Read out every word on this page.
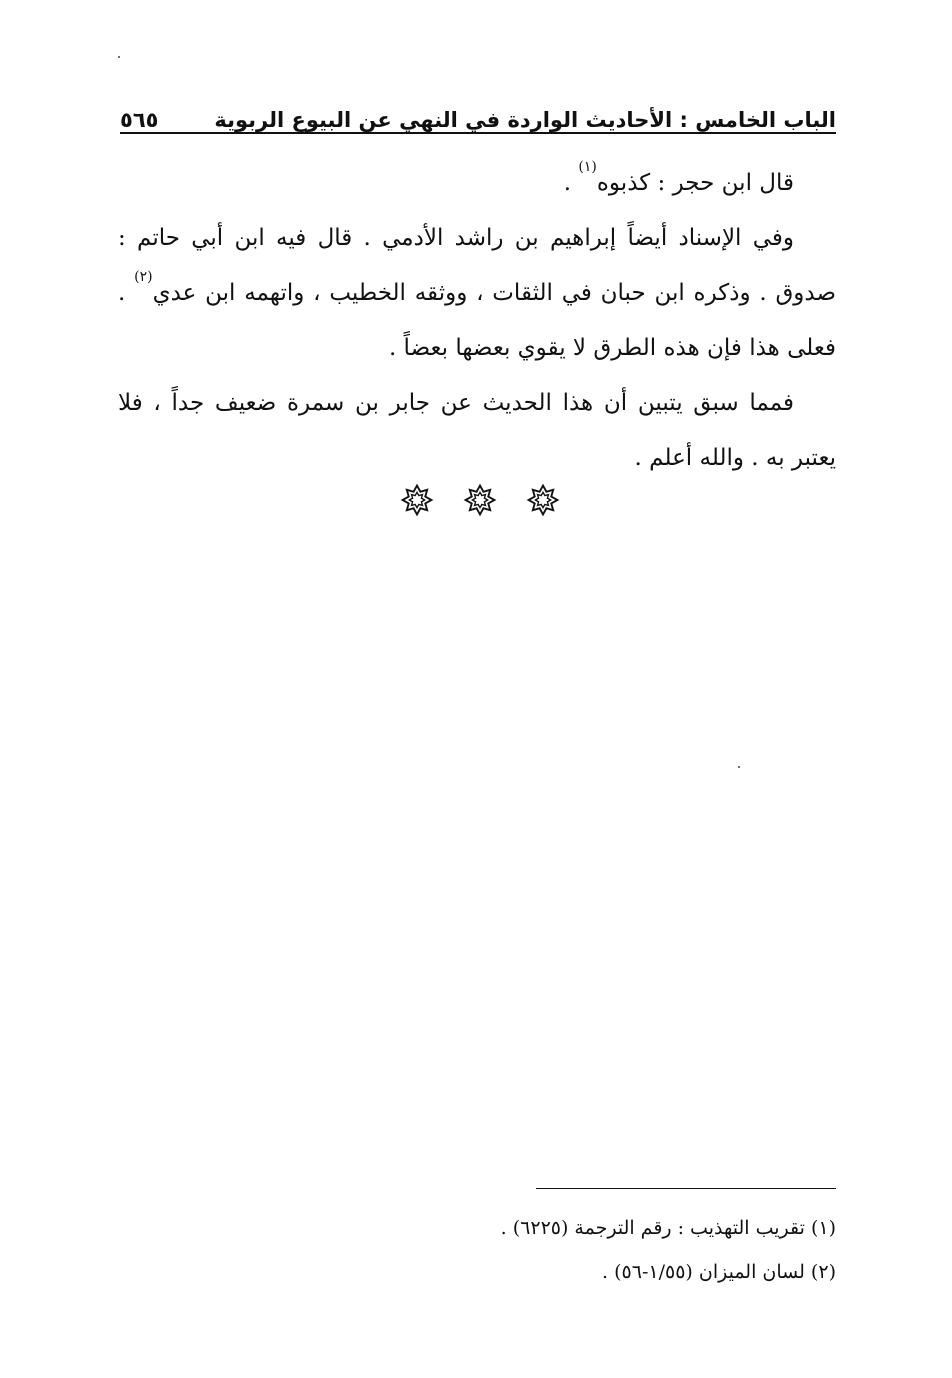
الباب الخامس : الأحاديث الواردة في النهي عن البيوع الربوية
٥٦٥

قال ابن حجر : كذبوه$^{(١)}$ .

وفي الإسناد أيضاً إبراهيم بن راشد الأدمي . قال فيه ابن أبي حاتم : صدوق . وذكره ابن حبان في الثقات ، ووثقه الخطيب ، واتهمه ابن عدي$^{(٢)}$ . فعلى هذا فإن هذه الطرق لا يقوي بعضها بعضاً .

فمما سبق يتبين أن هذا الحديث عن جابر بن سمرة ضعيف جداً ، فلا يعتبر به . والله أعلم .

(١) تقريب التهذيب : رقم الترجمة (٦٢٢٥) .

(٢) لسان الميزان (١/٥٥-٥٦) .
